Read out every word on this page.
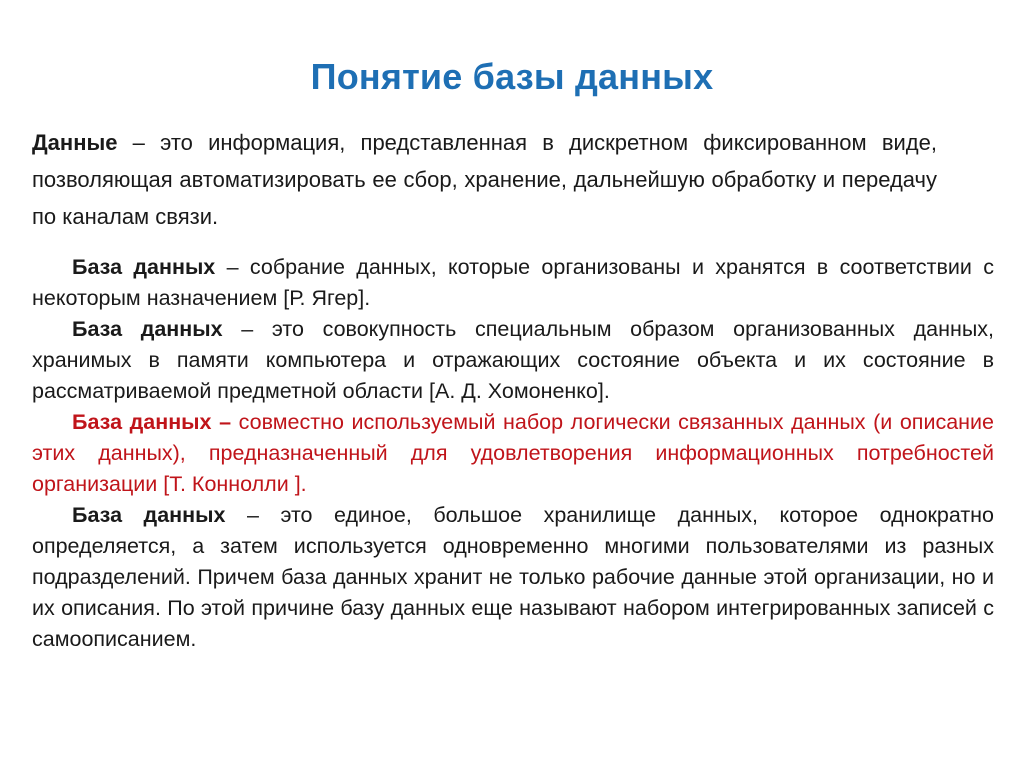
Понятие базы данных

Данные – это информация, представленная в дискретном фиксированном виде, позволяющая автоматизировать ее сбор, хранение, дальнейшую обработку и передачу по каналам связи.

База данных – собрание данных, которые организованы и хранятся в соответствии с некоторым назначением [Р. Ягер].

База данных – это совокупность специальным образом организованных данных, хранимых в памяти компьютера и отражающих состояние объекта и их состояние в рассматриваемой предметной области [А. Д. Хомоненко].

База данных – совместно используемый набор логически связанных данных (и описание этих данных), предназначенный для удовлетворения информационных потребностей организации [Т. Коннолли ].

База данных – это единое, большое хранилище данных, которое однократно определяется, а затем используется одновременно многими пользователями из разных подразделений. Причем база данных хранит не только рабочие данные этой организации, но и их описания. По этой причине базу данных еще называют набором интегрированных записей с самоописанием.
